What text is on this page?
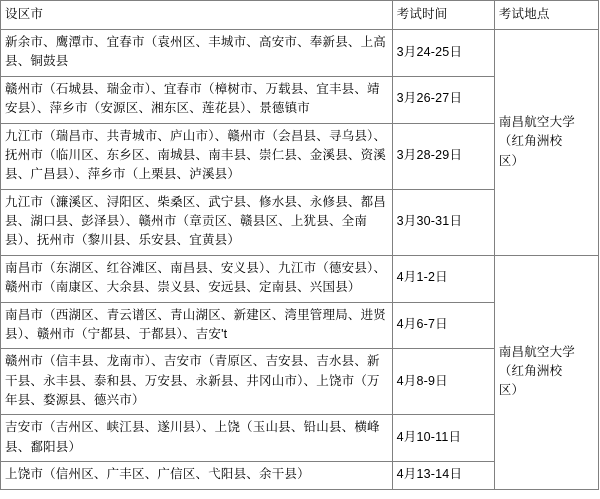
设区市	考试时间	考试地点
新余市、鹰潭市、宜春市（袁州区、丰城市、高安市、奉新县、上高县、铜鼓县	3月24-25日	南昌航空大学
（红角洲校
区）

赣州市（石城县、瑞金市）、宜春市（樟树市、万载县、宜丰县、靖安县）、萍乡市（安源区、湘东区、莲花县）、景德镇市	3月26-27日	
九江市（瑞昌市、共青城市、庐山市）、赣州市（会昌县、寻乌县）、抚州市（临川区、东乡区、南城县、南丰县、崇仁县、金溪县、资溪县、广昌县）、萍乡市（上栗县、泸溪县）	3月28-29日	
九江市（濂溪区、浔阳区、柴桑区、武宁县、修水县、永修县、都昌县、湖口县、彭泽县）、赣州市（章贡区、赣县区、上犹县、全南县）、抚州市（黎川县、乐安县、宜黄县）	3月30-31日	
南昌市（东湖区、红谷滩区、南昌县、安义县）、九江市（德安县）、赣州市（南康区、大余县、崇义县、安远县、定南县、兴国县）	4月1-2日	南昌航空大学
（红角洲校
区）

南昌市（西湖区、青云谱区、青山湖区、新建区、湾里管理局、进贤县）、赣州市（宁都县、于都县）、吉安't	4月6-7日	
赣州市（信丰县、龙南市）、吉安市（青原区、吉安县、吉水县、新干县、永丰县、泰和县、万安县、永新县、井冈山市）、上饶市（万年县、婺源县、德兴市）	4月8-9日	
吉安市（吉州区、峡江县、遂川县）、上饶（玉山县、铅山县、横峰县、鄱阳县）	4月10-11日	
上饶市（信州区、广丰区、广信区、弋阳县、余干县）	4月13-14日	
